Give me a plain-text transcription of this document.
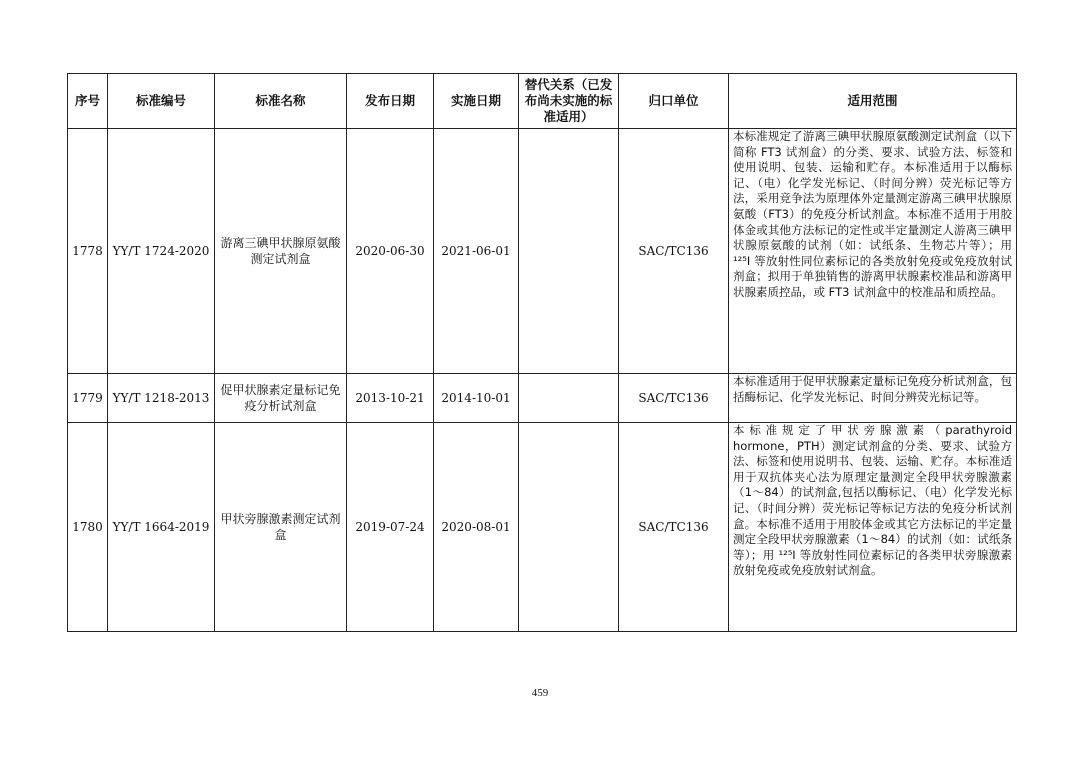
序号	标准编号	标准名称	发布日期	实施日期	替代关系（已发布尚未实施的标准适用）	归口单位	适用范围
1778	YY/T 1724-2020	游离三碘甲状腺原氨酸测定试剂盒	2020-06-30	2021-06-01		SAC/TC136	本标准规定了游离三碘甲状腺原氨酸测定试剂盒（以下简称 FT3 试剂盒）的分类、要求、试验方法、标签和使用说明、包装、运输和贮存。本标准适用于以酶标记、（电）化学发光标记、（时间分辨）荧光标记等方法，采用竞争法为原理体外定量测定游离三碘甲状腺原氨酸（FT3）的免疫分析试剂盒。本标准不适用于用胶体金或其他方法标记的定性或半定量测定人游离三碘甲状腺原氨酸的试剂（如：试纸条、生物芯片等）；用 ¹²⁵I 等放射性同位素标记的各类放射免疫或免疫放射试剂盒；拟用于单独销售的游离甲状腺素校准品和游离甲状腺素质控品，或 FT3 试剂盒中的校准品和质控品。
1779	YY/T 1218-2013	促甲状腺素定量标记免疫分析试剂盒	2013-10-21	2014-10-01		SAC/TC136	本标准适用于促甲状腺素定量标记免疫分析试剂盒，包括酶标记、化学发光标记、时间分辨荧光标记等。
1780	YY/T 1664-2019	甲状旁腺激素测定试剂盒	2019-07-24	2020-08-01		SAC/TC136	本标准规定了甲状旁腺激素（parathyroid hormone，PTH）测定试剂盒的分类、要求、试验方法、标签和使用说明书、包装、运输、贮存。本标准适用于双抗体夹心法为原理定量测定全段甲状旁腺激素（1～84）的试剂盒,包括以酶标记、（电）化学发光标记、（时间分辨）荧光标记等标记方法的免疫分析试剂盒。本标准不适用于用胶体金或其它方法标记的半定量测定全段甲状旁腺激素（1～84）的试剂（如：试纸条等）；用 ¹²⁵I 等放射性同位素标记的各类甲状旁腺激素放射免疫或免疫放射试剂盒。
459
